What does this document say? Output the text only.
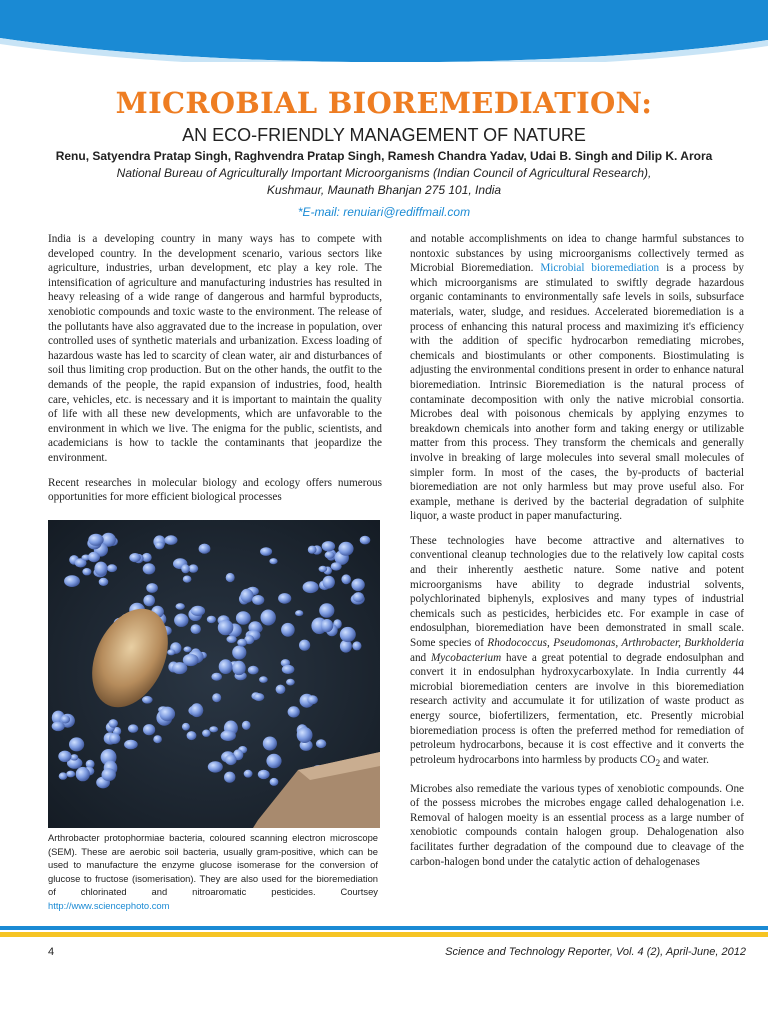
MICROBIAL BIOREMEDIATION:
AN ECO-FRIENDLY MANAGEMENT OF NATURE
Renu, Satyendra Pratap Singh, Raghvendra Pratap Singh, Ramesh Chandra Yadav, Udai B. Singh and Dilip K. Arora
National Bureau of Agriculturally Important Microorganisms (Indian Council of Agricultural Research),
Kushmaur, Maunath Bhanjan 275 101, India
*E-mail: renuiari@rediffmail.com

India is a developing country in many ways has to compete with developed country. In the development scenario, various sectors like agriculture, industries, urban development, etc play a key role. The intensification of agriculture and manufacturing industries has resulted in heavy releasing of a wide range of dangerous and harmful byproducts, xenobiotic compounds and toxic waste to the environment. The release of the pollutants have also aggravated due to the increase in population, over controlled uses of synthetic materials and urbanization. Excess loading of hazardous waste has led to scarcity of clean water, air and disturbances of soil thus limiting crop production. But on the other hands, the outfit to the demands of the people, the rapid expansion of industries, food, health care, vehicles, etc. is necessary and it is important to maintain the quality of life with all these new developments, which are unfavorable to the environment in which we live. The enigma for the public, scientists, and academicians is how to tackle the contaminants that jeopardize the environment.

Recent researches in molecular biology and ecology offers numerous opportunities for more efficient biological processes

Arthrobacter protophormiae bacteria, coloured scanning electron microscope (SEM). These are aerobic soil bacteria, usually gram-positive, which can be used to manufacture the enzyme glucose isomerase for the conversion of glucose to fructose (isomerisation). They are also used for the bioremediation of chlorinated and nitroaromatic pesticides. Courtsey http://www.sciencephoto.com

and notable accomplishments on idea to change harmful substances to nontoxic substances by using microorganisms collectively termed as Microbial Bioremediation. Microbial bioremediation is a process by which microorganisms are stimulated to swiftly degrade hazardous organic contaminants to environmentally safe levels in soils, subsurface materials, water, sludge, and residues. Accelerated bioremediation is a process of enhancing this natural process and maximizing it's efficiency with the addition of specific hydrocarbon remediating microbes, chemicals and biostimulants or other components. Biostimulating is adjusting the environmental conditions present in order to enhance natural bioremediation. Intrinsic Bioremediation is the natural process of contaminate decomposition with only the native microbial consortia. Microbes deal with poisonous chemicals by applying enzymes to breakdown chemicals into another form and taking energy or utilizable matter from this process. They transform the chemicals and generally involve in breaking of large molecules into several small molecules of simpler form. In most of the cases, the by-products of bacterial bioremediation are not only harmless but may prove useful also. For example, methane is derived by the bacterial degradation of sulphite liquor, a waste product in paper manufacturing.

These technologies have become attractive and alternatives to conventional cleanup technologies due to the relatively low capital costs and their inherently aesthetic nature. Some native and potent microorganisms have ability to degrade industrial solvents, polychlorinated biphenyls, explosives and many types of industrial chemicals such as pesticides, herbicides etc. For example in case of endosulphan, bioremediation have been demonstrated in small scale. Some species of Rhodococcus, Pseudomonas, Arthrobacter, Burkholderia and Mycobacterium have a great potential to degrade endosulphan and convert it in endosulphan hydroxycarboxylate. In India currently 44 microbial bioremediation centers are involve in this bioremediation research activity and accumulate it for utilization of waste product as energy source, biofertilizers, fermentation, etc. Presently microbial bioremediation process is often the preferred method for remediation of petroleum hydrocarbons, because it is cost effective and it converts the petroleum hydrocarbons into harmless by products $CO_2$ and water.

Microbes also remediate the various types of xenobiotic compounds. One of the possess microbes the microbes engage called dehalogenation i.e. Removal of halogen moeity is an essential process as a large number of xenobiotic compounds contain halogen group. Dehalogenation also facilitates further degradation of the compound due to cleavage of the carbon-halogen bond under the catalytic action of dehalogenases

4	Science and Technology Reporter, Vol. 4 (2), April-June, 2012
